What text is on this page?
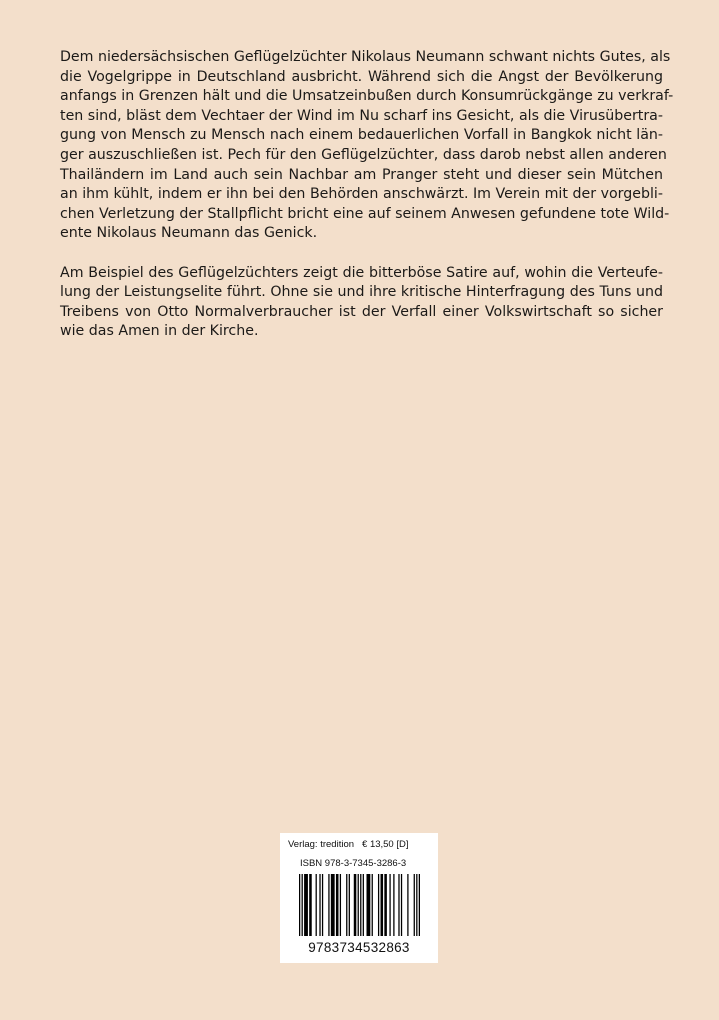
Dem niedersächsischen Geflügelzüchter Nikolaus Neumann schwant nichts Gutes, als
die Vogelgrippe in Deutschland ausbricht. Während sich die Angst der Bevölkerung
anfangs in Grenzen hält und die Umsatzeinbußen durch Konsumrückgänge zu verkraf-
ten sind, bläst dem Vechtaer der Wind im Nu scharf ins Gesicht, als die Virusübertra-
gung von Mensch zu Mensch nach einem bedauerlichen Vorfall in Bangkok nicht län-
ger auszuschließen ist. Pech für den Geflügelzüchter, dass darob nebst allen anderen
Thailändern im Land auch sein Nachbar am Pranger steht und dieser sein Mütchen
an ihm kühlt, indem er ihn bei den Behörden anschwärzt. Im Verein mit der vorgebli-
chen Verletzung der Stallpflicht bricht eine auf seinem Anwesen gefundene tote Wild-
ente Nikolaus Neumann das Genick.
Am Beispiel des Geflügelzüchters zeigt die bitterböse Satire auf, wohin die Verteufe-
lung der Leistungselite führt. Ohne sie und ihre kritische Hinterfragung des Tuns und
Treibens von Otto Normalverbraucher ist der Verfall einer Volkswirtschaft so sicher
wie das Amen in der Kirche.
Verlag: tredition € 13,50 [D]
ISBN 978-3-7345-3286-3
9783734532863
